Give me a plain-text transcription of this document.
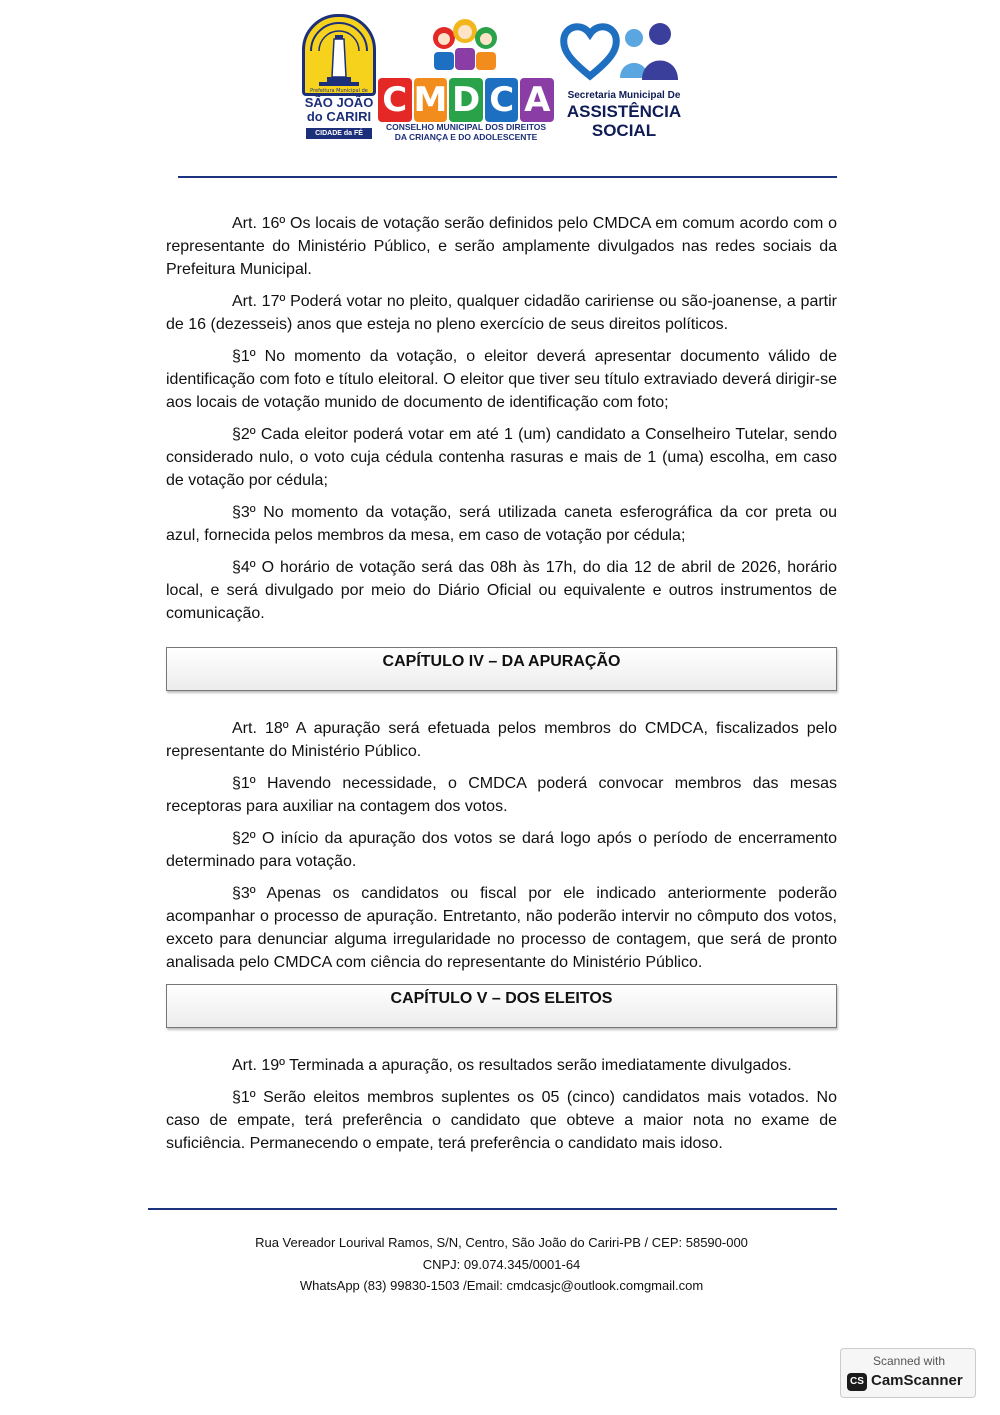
Prefeitura Municipal de
SÃO JOÃO
do CARIRI
CIDADE da FÉ
C M D C A
CONSELHO MUNICIPAL DOS DIREITOS
DA CRIANÇA E DO ADOLESCENTE
Secretaria Municipal De
ASSISTÊNCIA
SOCIAL

Art. 16º Os locais de votação serão definidos pelo CMDCA em comum acordo com o representante do Ministério Público, e serão amplamente divulgados nas redes sociais da Prefeitura Municipal.

Art. 17º Poderá votar no pleito, qualquer cidadão caririense ou são-joanense, a partir de 16 (dezesseis) anos que esteja no pleno exercício de seus direitos políticos.

§1º No momento da votação, o eleitor deverá apresentar documento válido de identificação com foto e título eleitoral. O eleitor que tiver seu título extraviado deverá dirigir-se aos locais de votação munido de documento de identificação com foto;

§2º Cada eleitor poderá votar em até 1 (um) candidato a Conselheiro Tutelar, sendo considerado nulo, o voto cuja cédula contenha rasuras e mais de 1 (uma) escolha, em caso de votação por cédula;

§3º No momento da votação, será utilizada caneta esferográfica da cor preta ou azul, fornecida pelos membros da mesa, em caso de votação por cédula;

§4º O horário de votação será das 08h às 17h, do dia 12 de abril de 2026, horário local, e será divulgado por meio do Diário Oficial ou equivalente e outros instrumentos de comunicação.

CAPÍTULO IV – DA APURAÇÃO

Art. 18º A apuração será efetuada pelos membros do CMDCA, fiscalizados pelo representante do Ministério Público.

§1º Havendo necessidade, o CMDCA poderá convocar membros das mesas receptoras para auxiliar na contagem dos votos.

§2º O início da apuração dos votos se dará logo após o período de encerramento determinado para votação.

§3º Apenas os candidatos ou fiscal por ele indicado anteriormente poderão acompanhar o processo de apuração. Entretanto, não poderão intervir no cômputo dos votos, exceto para denunciar alguma irregularidade no processo de contagem, que será de pronto analisada pelo CMDCA com ciência do representante do Ministério Público.

CAPÍTULO V – DOS ELEITOS

Art. 19º Terminada a apuração, os resultados serão imediatamente divulgados.

§1º Serão eleitos membros suplentes os 05 (cinco) candidatos mais votados. No caso de empate, terá preferência o candidato que obteve a maior nota no exame de suficiência. Permanecendo o empate, terá preferência o candidato mais idoso.

Rua Vereador Lourival Ramos, S/N, Centro, São João do Cariri-PB / CEP: 58590-000
CNPJ: 09.074.345/0001-64
WhatsApp (83) 99830-1503 /Email: cmdcasjc@outlook.comgmail.com
Scanned with
CS CamScanner
